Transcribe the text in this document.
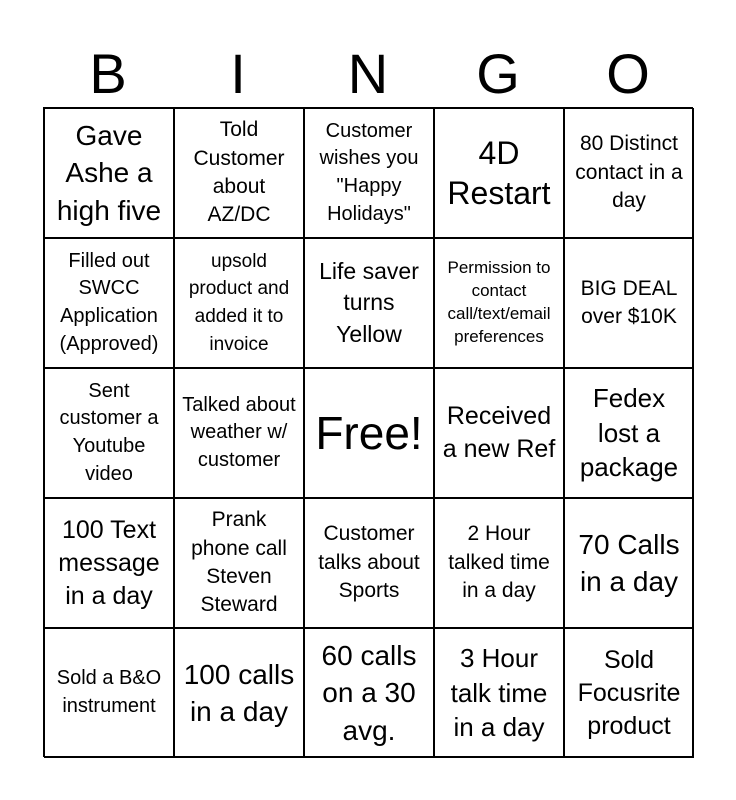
B	I	N	G	O
Gave Ashe a high five
Told Customer about AZ/DC
Customer wishes you "Happy Holidays"
4D Restart
80 Distinct contact in a day
Filled out SWCC Application (Approved)
upsold product and added it to invoice
Life saver turns Yellow
Permission to contact call/text/email preferences
BIG DEAL over $10K
Sent customer a Youtube video
Talked about weather w/ customer
Free! Received a new Ref
Fedex lost a package
100 Text message in a day
Prank phone call Steven Steward
Customer talks about Sports
2 Hour talked time in a day
70 Calls in a day
Sold a B&O instrument
100 calls in a day
60 calls on a 30 avg.
3 Hour talk time in a day
Sold Focusrite product
